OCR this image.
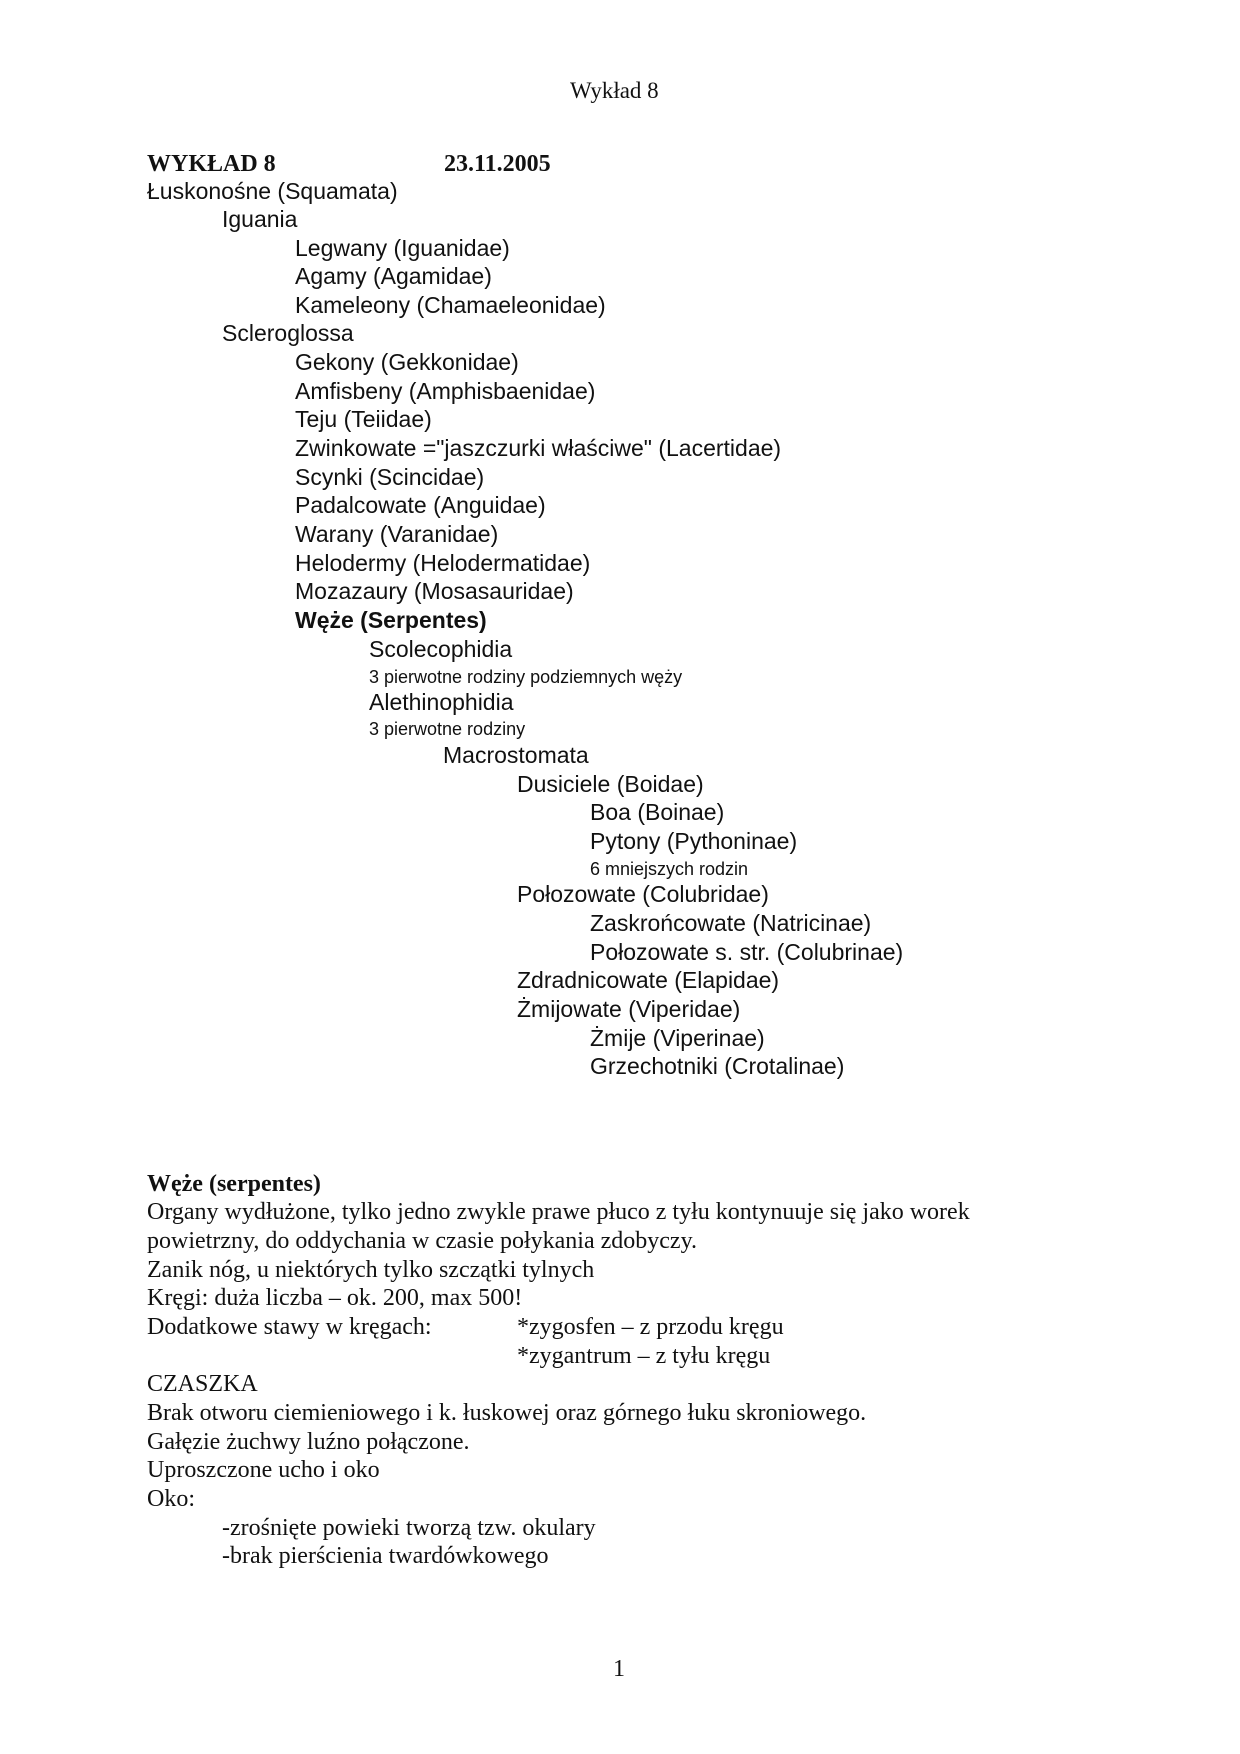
Wykład 8
WYKŁAD 8	23.11.2005
Łuskonośne (Squamata)
Iguania
Legwany (Iguanidae)
Agamy (Agamidae)
Kameleony (Chamaeleonidae)
Scleroglossa
Gekony (Gekkonidae)
Amfisbeny (Amphisbaenidae)
Teju (Teiidae)
Zwinkowate ="jaszczurki właściwe" (Lacertidae)
Scynki (Scincidae)
Padalcowate (Anguidae)
Warany (Varanidae)
Helodermy (Helodermatidae)
Mozazaury (Mosasauridae)
Węże (Serpentes)
Scolecophidia
3 pierwotne rodziny podziemnych węży
Alethinophidia
3 pierwotne rodziny
Macrostomata
Dusiciele (Boidae)
Boa (Boinae)
Pytony (Pythoninae)
6 mniejszych rodzin
Połozowate (Colubridae)
Zaskrońcowate (Natricinae)
Połozowate s. str. (Colubrinae)
Zdradnicowate (Elapidae)
Żmijowate (Viperidae)
Żmije (Viperinae)
Grzechotniki (Crotalinae)
Węże (serpentes)
Organy wydłużone, tylko jedno zwykle prawe płuco z tyłu kontynuuje się jako worek
powietrzny, do oddychania w czasie połykania zdobyczy.
Zanik nóg, u niektórych tylko szczątki tylnych
Kręgi: duża liczba – ok. 200, max 500!
Dodatkowe stawy w kręgach:	*zygosfen – z przodu kręgu
*zygantrum – z tyłu kręgu
CZASZKA
Brak otworu ciemieniowego i k. łuskowej oraz górnego łuku skroniowego.
Gałęzie żuchwy luźno połączone.
Uproszczone ucho i oko
Oko:
-zrośnięte powieki tworzą tzw. okulary
-brak pierścienia twardówkowego
1
